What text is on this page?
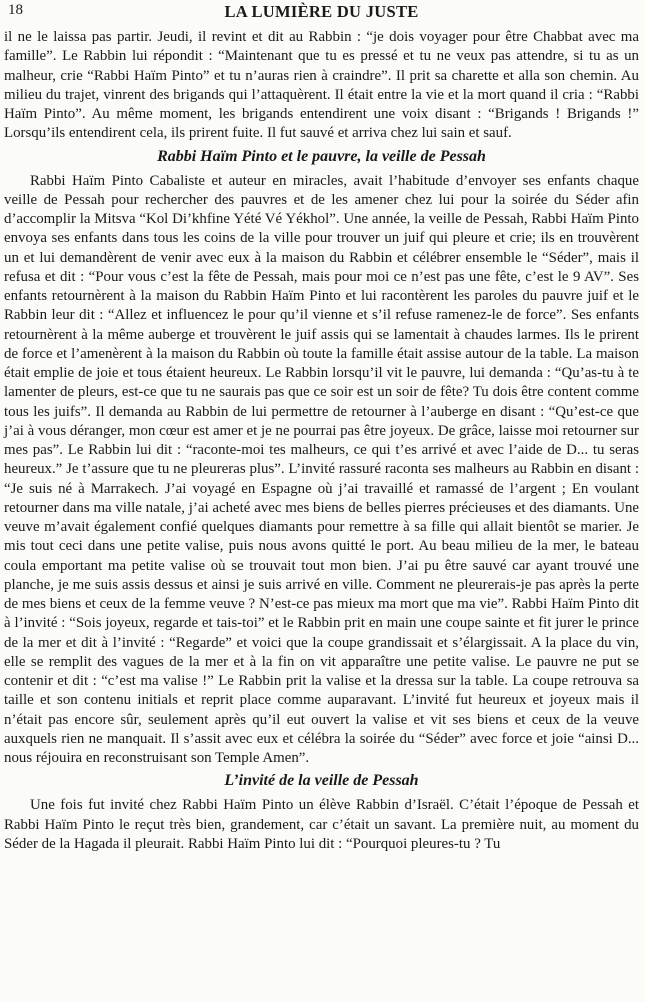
18	LA LUMIÈRE DU JUSTE

il ne le laissa pas partir. Jeudi, il revint et dit au Rabbin : “je dois voyager pour être Chabbat avec ma famille”. Le Rabbin lui répondit : “Maintenant que tu es pressé et tu ne veux pas attendre, si tu as un malheur, crie “Rabbi Haïm Pinto” et tu n’auras rien à craindre”. Il prit sa charette et alla son chemin. Au milieu du trajet, vinrent des brigands qui l’attaquèrent. Il était entre la vie et la mort quand il cria : “Rabbi Haïm Pinto”. Au même moment, les brigands entendirent une voix disant : “Brigands ! Brigands !” Lorsqu’ils entendirent cela, ils prirent fuite. Il fut sauvé et arriva chez lui sain et sauf.

Rabbi Haïm Pinto et le pauvre, la veille de Pessah

Rabbi Haïm Pinto Cabaliste et auteur en miracles, avait l’habitude d’envoyer ses enfants chaque veille de Pessah pour rechercher des pauvres et de les amener chez lui pour la soirée du Séder afin d’accomplir la Mitsva “Kol Di’khfine Yété Vé Yékhol”. Une année, la veille de Pessah, Rabbi Haïm Pinto envoya ses enfants dans tous les coins de la ville pour trouver un juif qui pleure et crie; ils en trouvèrent un et lui demandèrent de venir avec eux à la maison du Rabbin et célébrer ensemble le “Séder”, mais il refusa et dit : “Pour vous c’est la fête de Pessah, mais pour moi ce n’est pas une fête, c’est le 9 AV”. Ses enfants retournèrent à la maison du Rabbin Haïm Pinto et lui racontèrent les paroles du pauvre juif et le Rabbin leur dit : “Allez et influencez le pour qu’il vienne et s’il refuse ramenez-le de force”. Ses enfants retournèrent à la même auberge et trouvèrent le juif assis qui se lamentait à chaudes larmes. Ils le prirent de force et l’amenèrent à la maison du Rabbin où toute la famille était assise autour de la table. La maison était emplie de joie et tous étaient heureux. Le Rabbin lorsqu’il vit le pauvre, lui demanda : “Qu’as-tu à te lamenter de pleurs, est-ce que tu ne saurais pas que ce soir est un soir de fête? Tu dois être content comme tous les juifs”. Il demanda au Rabbin de lui permettre de retourner à l’auberge en disant : “Qu’est-ce que j’ai à vous déranger, mon cœur est amer et je ne pourrai pas être joyeux. De grâce, laisse moi retourner sur mes pas”. Le Rabbin lui dit : “raconte-moi tes malheurs, ce qui t’es arrivé et avec l’aide de D... tu seras heureux.” Je t’assure que tu ne pleureras plus”. L’invité rassuré raconta ses malheurs au Rabbin en disant : “Je suis né à Marrakech. J’ai voyagé en Espagne où j’ai travaillé et ramassé de l’argent ; En voulant retourner dans ma ville natale, j’ai acheté avec mes biens de belles pierres précieuses et des diamants. Une veuve m’avait également confié quelques diamants pour remettre à sa fille qui allait bientôt se marier. Je mis tout ceci dans une petite valise, puis nous avons quitté le port. Au beau milieu de la mer, le bateau coula emportant ma petite valise où se trouvait tout mon bien. J’ai pu être sauvé car ayant trouvé une planche, je me suis assis dessus et ainsi je suis arrivé en ville. Comment ne pleurerais-je pas après la perte de mes biens et ceux de la femme veuve ? N’est-ce pas mieux ma mort que ma vie”. Rabbi Haïm Pinto dit à l’invité : “Sois joyeux, regarde et tais-toi” et le Rabbin prit en main une coupe sainte et fit jurer le prince de la mer et dit à l’invité : “Regarde” et voici que la coupe grandissait et s’élargissait. A la place du vin, elle se remplit des vagues de la mer et à la fin on vit apparaître une petite valise. Le pauvre ne put se contenir et dit : “c’est ma valise !” Le Rabbin prit la valise et la dressa sur la table. La coupe retrouva sa taille et son contenu initials et reprit place comme auparavant. L’invité fut heureux et joyeux mais il n’était pas encore sûr, seulement après qu’il eut ouvert la valise et vit ses biens et ceux de la veuve auxquels rien ne manquait. Il s’assit avec eux et célébra la soirée du “Séder” avec force et joie “ainsi D... nous réjouira en reconstruisant son Temple Amen”.

L’invité de la veille de Pessah

Une fois fut invité chez Rabbi Haïm Pinto un élève Rabbin d’Israël. C’était l’époque de Pessah et Rabbi Haïm Pinto le reçut très bien, grandement, car c’était un savant. La première nuit, au moment du Séder de la Hagada il pleurait. Rabbi Haïm Pinto lui dit : “Pourquoi pleures-tu ? Tu
